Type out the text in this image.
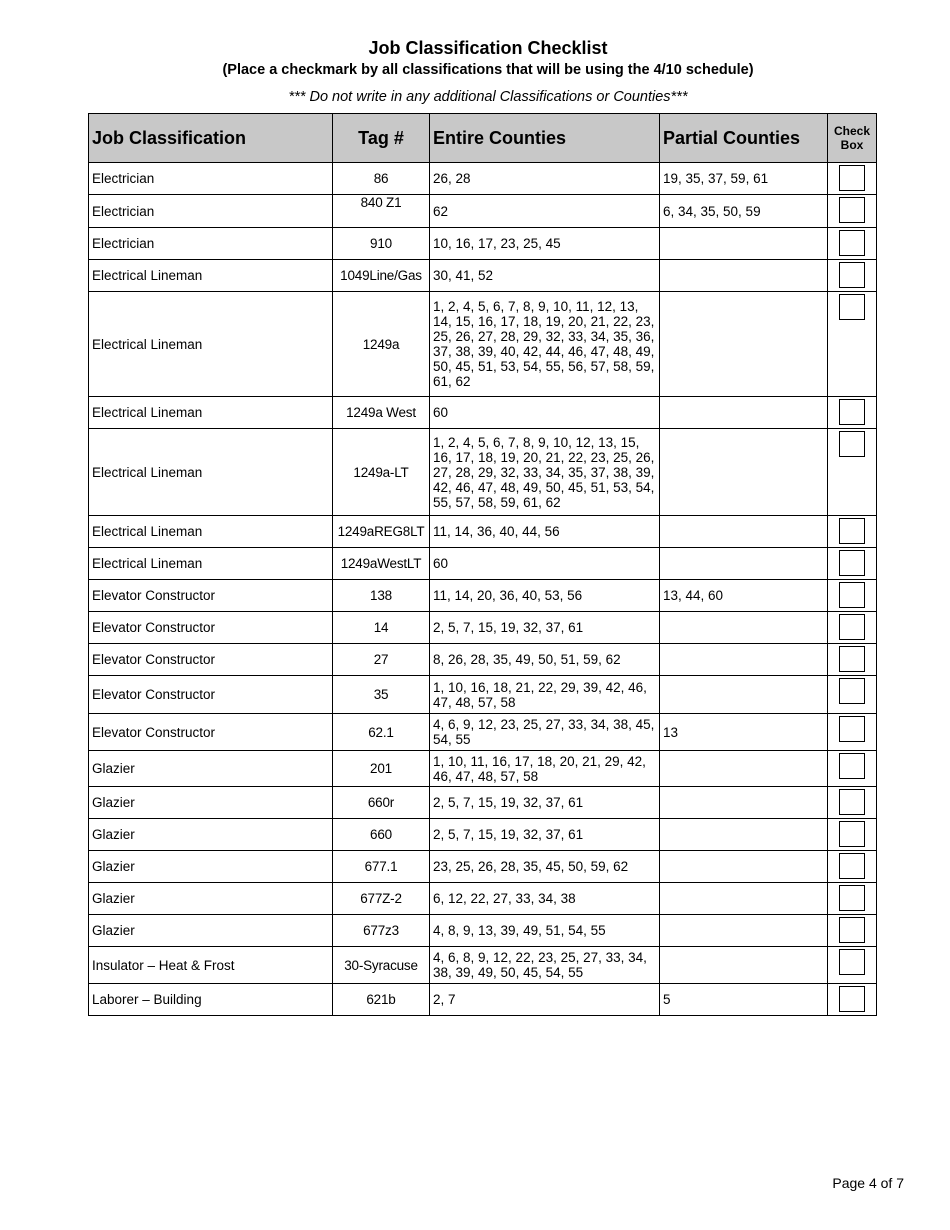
Job Classification Checklist
(Place a checkmark by all classifications that will be using the 4/10 schedule)
*** Do not write in any additional Classifications or Counties***
Job Classification	Tag #	Entire Counties	Partial Counties	Check Box
Electrician	86	26, 28	19, 35, 37, 59, 61	

Electrician	840 Z1	62	6, 34, 35, 50, 59	

Electrician	910	10, 16, 17, 23, 25, 45		

Electrical Lineman	1049Line/Gas	30, 41, 52		

Electrical Lineman	1249a	1, 2, 4, 5, 6, 7, 8, 9, 10, 11, 12, 13, 14, 15, 16, 17, 18, 19, 20, 21, 22, 23, 25, 26, 27, 28, 29, 32, 33, 34, 35, 36, 37, 38, 39, 40, 42, 44, 46, 47, 48, 49, 50, 45, 51, 53, 54, 55, 56, 57, 58, 59, 61, 62		

Electrical Lineman	1249a West	60		

Electrical Lineman	1249a-LT	1, 2, 4, 5, 6, 7, 8, 9, 10, 12, 13, 15, 16, 17, 18, 19, 20, 21, 22, 23, 25, 26, 27, 28, 29, 32, 33, 34, 35, 37, 38, 39, 42, 46, 47, 48, 49, 50, 45, 51, 53, 54, 55, 57, 58, 59, 61, 62		

Electrical Lineman	1249aREG8LT	11, 14, 36, 40, 44, 56		

Electrical Lineman	1249aWestLT	60		

Elevator Constructor	138	11, 14, 20, 36, 40, 53, 56	13, 44, 60	

Elevator Constructor	14	2, 5, 7, 15, 19, 32, 37, 61		

Elevator Constructor	27	8, 26, 28, 35, 49, 50, 51, 59, 62		

Elevator Constructor	35	1, 10, 16, 18, 21, 22, 29, 39, 42, 46, 47, 48, 57, 58		

Elevator Constructor	62.1	4, 6, 9, 12, 23, 25, 27, 33, 34, 38, 45, 54, 55	13	

Glazier	201	1, 10, 11, 16, 17, 18, 20, 21, 29, 42, 46, 47, 48, 57, 58		

Glazier	660r	2, 5, 7, 15, 19, 32, 37, 61		

Glazier	660	2, 5, 7, 15, 19, 32, 37, 61		

Glazier	677.1	23, 25, 26, 28, 35, 45, 50, 59, 62		

Glazier	677Z-2	6, 12, 22, 27, 33, 34, 38		

Glazier	677z3	4, 8, 9, 13, 39, 49, 51, 54, 55		

Insulator – Heat & Frost	30-Syracuse	4, 6, 8, 9, 12, 22, 23, 25, 27, 33, 34, 38, 39, 49, 50, 45, 54, 55		

Laborer – Building	621b	2, 7	5	
Page 4 of 7
